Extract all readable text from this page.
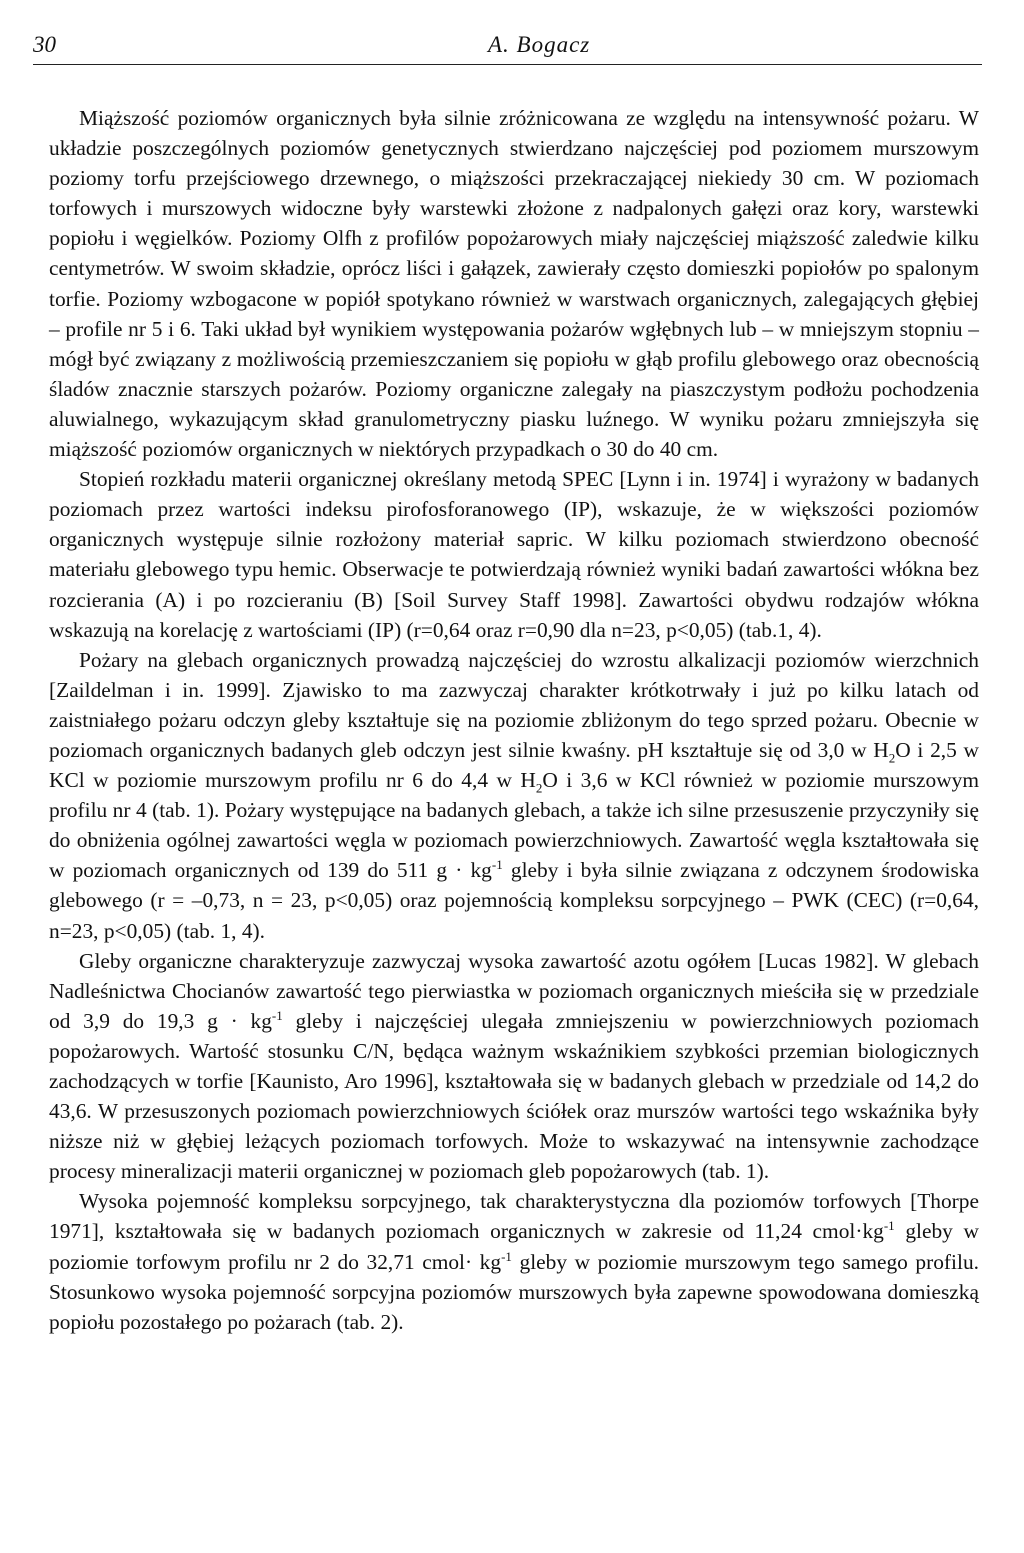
30	A. Bogacz

Miąższość poziomów organicznych była silnie zróżnicowana ze względu na intensywność pożaru. W układzie poszczególnych poziomów genetycznych stwierdzano najczęściej pod poziomem murszowym poziomy torfu przejściowego drzewnego, o miąższości przekraczającej niekiedy 30 cm. W poziomach torfowych i murszowych widoczne były warstewki złożone z nadpalonych gałęzi oraz kory, warstewki popiołu i węgielków. Poziomy Olfh z profilów popożarowych miały najczęściej miąższość zaledwie kilku centymetrów. W swoim składzie, oprócz liści i gałązek, zawierały często domieszki popiołów po spalonym torfie. Poziomy wzbogacone w popiół spotykano również w warstwach organicznych, zalegających głębiej – profile nr 5 i 6. Taki układ był wynikiem występowania pożarów wgłębnych lub – w mniejszym stopniu – mógł być związany z możliwością przemieszczaniem się popiołu w głąb profilu glebowego oraz obecnością śladów znacznie starszych pożarów. Poziomy organiczne zalegały na piaszczystym podłożu pochodzenia aluwialnego, wykazującym skład granulometryczny piasku luźnego. W wyniku pożaru zmniejszyła się miąższość poziomów organicznych w niektórych przypadkach o 30 do 40 cm.

Stopień rozkładu materii organicznej określany metodą SPEC [Lynn i in. 1974] i wyrażony w badanych poziomach przez wartości indeksu pirofosforanowego (IP), wskazuje, że w większości poziomów organicznych występuje silnie rozłożony materiał sapric. W kilku poziomach stwierdzono obecność materiału glebowego typu hemic. Obserwacje te potwierdzają również wyniki badań zawartości włókna bez rozcierania (A) i po rozcieraniu (B) [Soil Survey Staff 1998]. Zawartości obydwu rodzajów włókna wskazują na korelację z wartościami (IP) (r=0,64 oraz r=0,90 dla n=23, p<0,05) (tab.1, 4).

Pożary na glebach organicznych prowadzą najczęściej do wzrostu alkalizacji poziomów wierzchnich [Zaildelman i in. 1999]. Zjawisko to ma zazwyczaj charakter krótkotrwały i już po kilku latach od zaistniałego pożaru odczyn gleby kształtuje się na poziomie zbliżonym do tego sprzed pożaru. Obecnie w poziomach organicznych badanych gleb odczyn jest silnie kwaśny. pH kształtuje się od 3,0 w $H_2O$ i 2,5 w KCl w poziomie murszowym profilu nr 6 do 4,4 w $H_2O$ i 3,6 w KCl również w poziomie murszowym profilu nr 4 (tab. 1). Pożary występujące na badanych glebach, a także ich silne przesuszenie przyczyniły się do obniżenia ogólnej zawartości węgla w poziomach powierzchniowych. Zawartość węgla kształtowała się w poziomach organicznych od 139 do 511 $g \cdot kg^{-1}$ gleby i była silnie związana z odczynem środowiska glebowego (r = –0,73, n = 23, p<0,05) oraz pojemnością kompleksu sorpcyjnego – PWK (CEC) (r=0,64, n=23, p<0,05) (tab. 1, 4).

Gleby organiczne charakteryzuje zazwyczaj wysoka zawartość azotu ogółem [Lucas 1982]. W glebach Nadleśnictwa Chocianów zawartość tego pierwiastka w poziomach organicznych mieściła się w przedziale od 3,9 do 19,3 $g \cdot kg^{-1}$ gleby i najczęściej ulegała zmniejszeniu w powierzchniowych poziomach popożarowych. Wartość stosunku C/N, będąca ważnym wskaźnikiem szybkości przemian biologicznych zachodzących w torfie [Kaunisto, Aro 1996], kształtowała się w badanych glebach w przedziale od 14,2 do 43,6. W przesuszonych poziomach powierzchniowych ściółek oraz murszów wartości tego wskaźnika były niższe niż w głębiej leżących poziomach torfowych. Może to wskazywać na intensywnie zachodzące procesy mineralizacji materii organicznej w poziomach gleb popożarowych (tab. 1).

Wysoka pojemność kompleksu sorpcyjnego, tak charakterystyczna dla poziomów torfowych [Thorpe 1971], kształtowała się w badanych poziomach organicznych w zakresie od 11,24 $cmol\cdot kg^{-1}$ gleby w poziomie torfowym profilu nr 2 do 32,71 cmol· $kg^{-1}$ gleby w poziomie murszowym tego samego profilu. Stosunkowo wysoka pojemność sorpcyjna poziomów murszowych była zapewne spowodowana domieszką popiołu pozostałego po pożarach (tab. 2).
